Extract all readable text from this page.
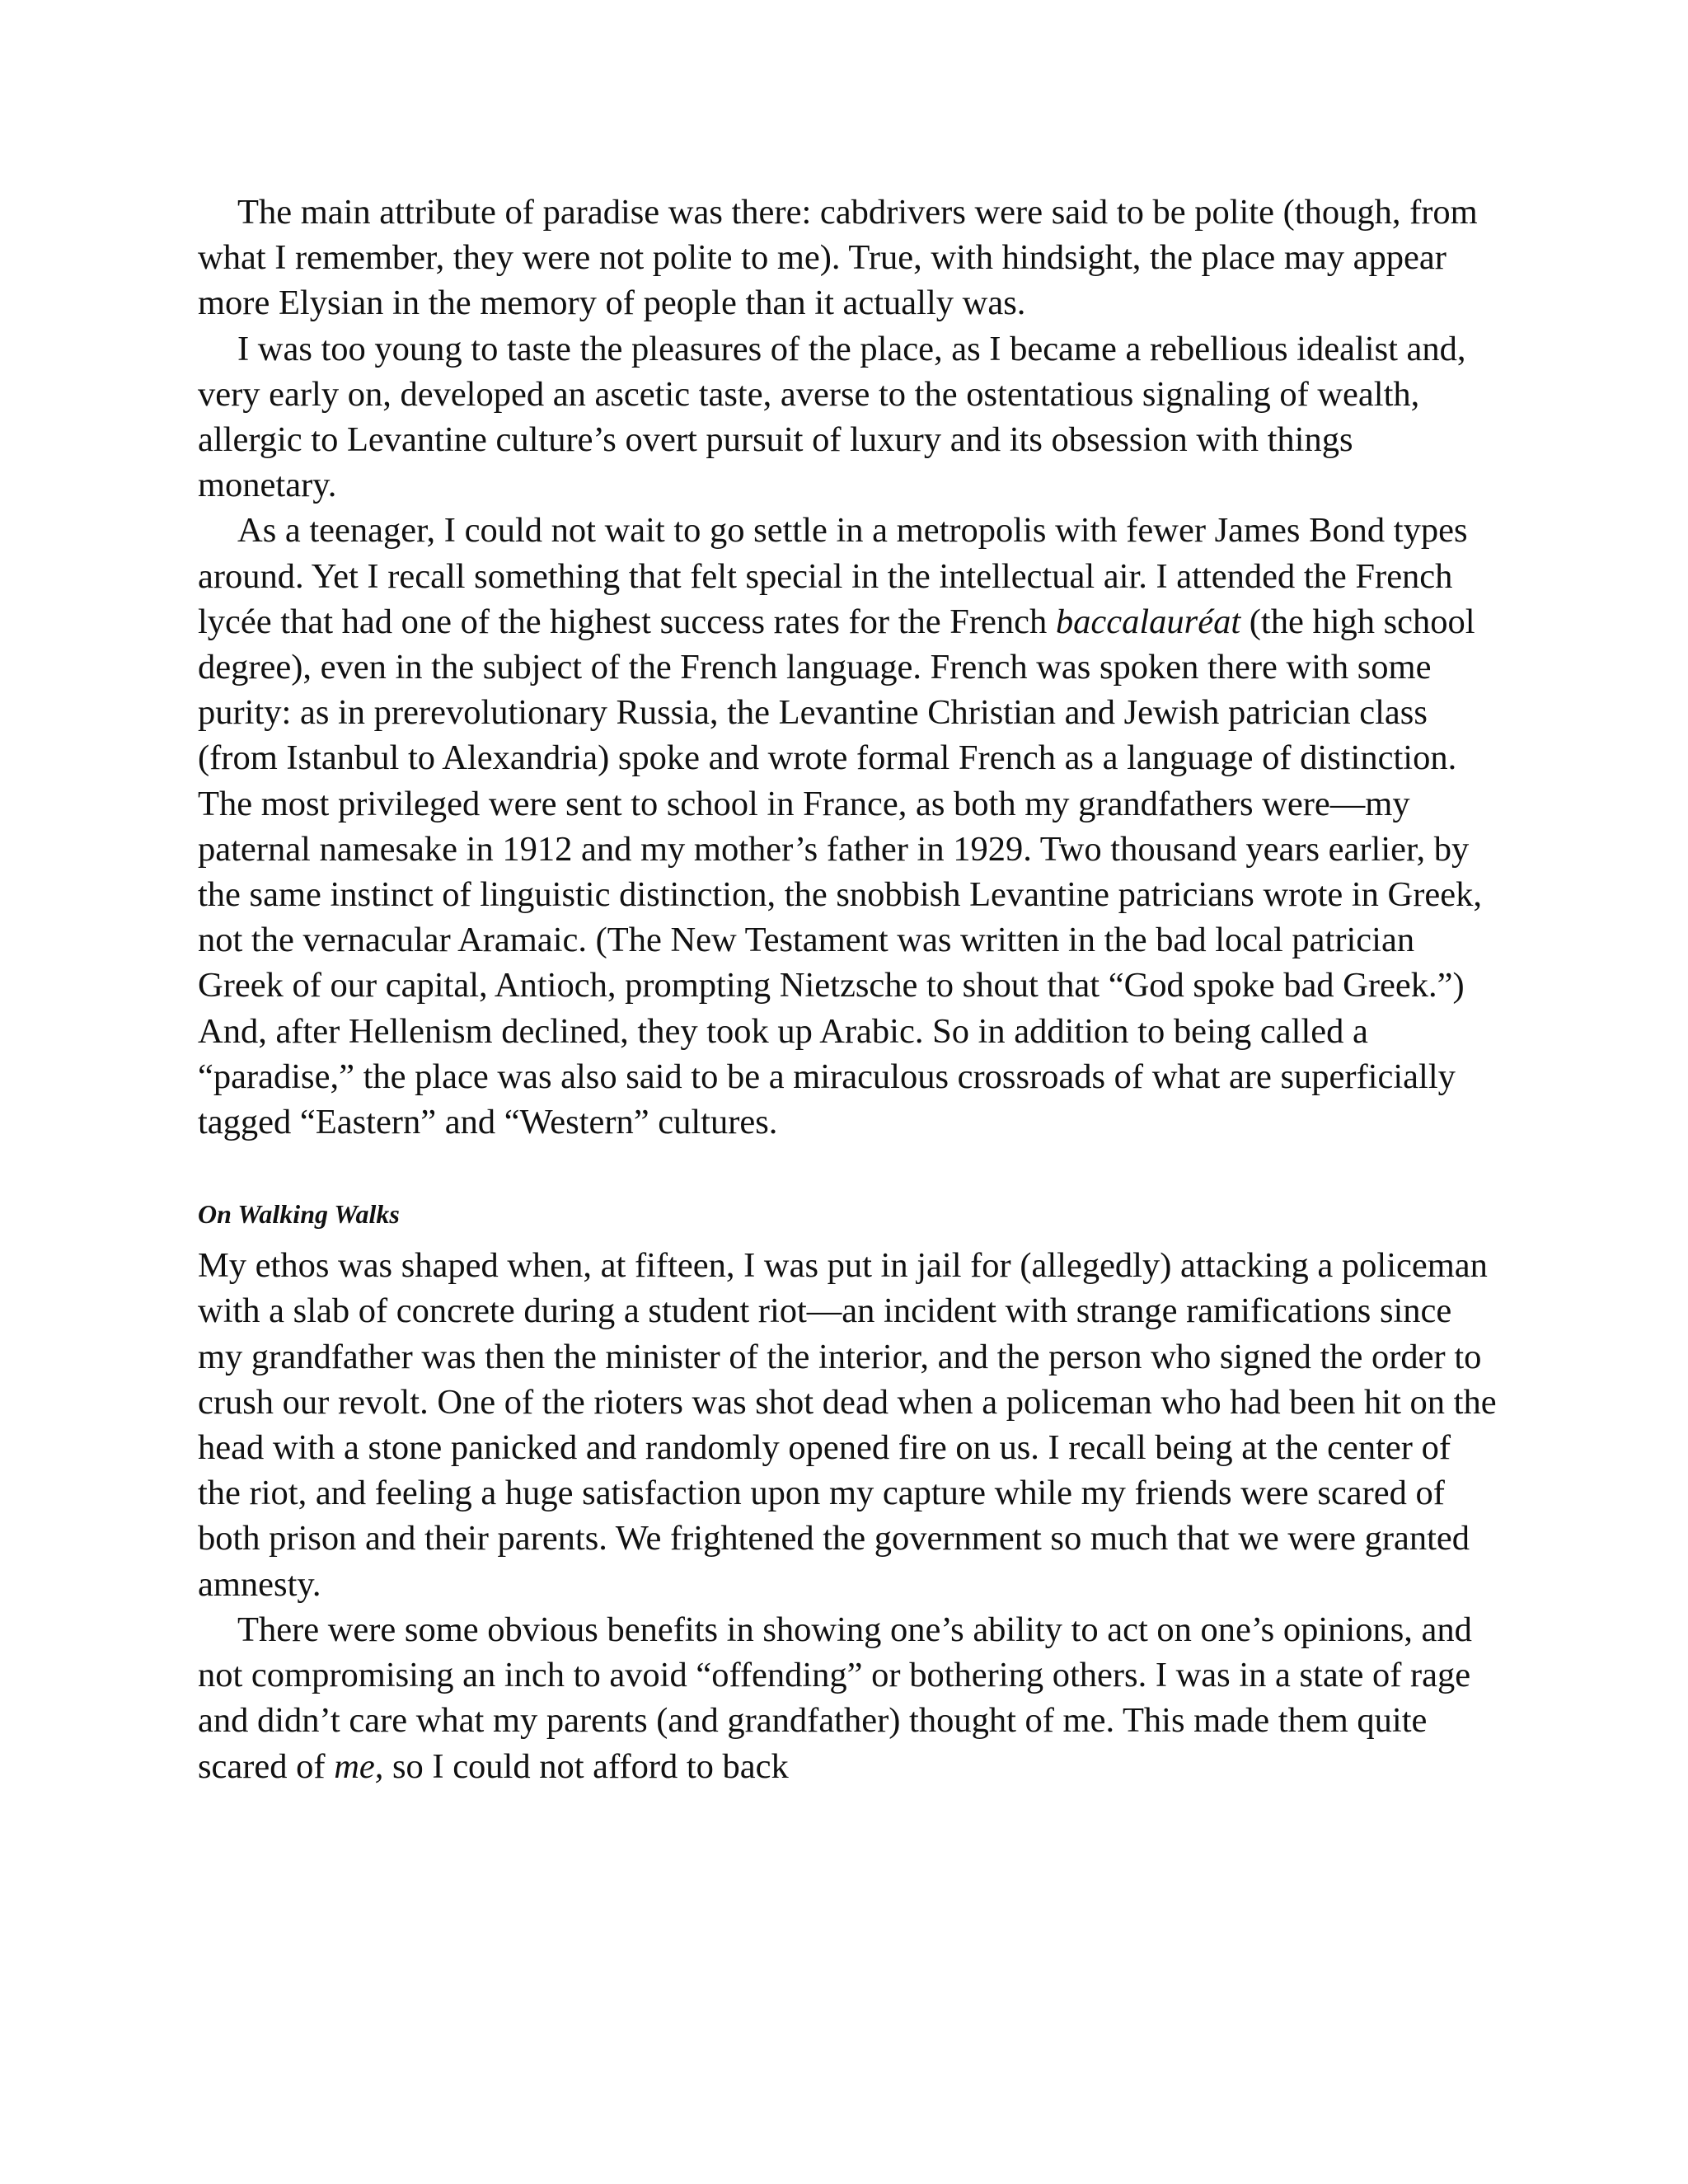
The main attribute of paradise was there: cabdrivers were said to be polite (though, from what I remember, they were not polite to me). True, with hindsight, the place may appear more Elysian in the memory of people than it actually was.

I was too young to taste the pleasures of the place, as I became a rebellious idealist and, very early on, developed an ascetic taste, averse to the ostentatious signaling of wealth, allergic to Levantine culture’s overt pursuit of luxury and its obsession with things monetary.

As a teenager, I could not wait to go settle in a metropolis with fewer James Bond types around. Yet I recall something that felt special in the intellectual air. I attended the French lycée that had one of the highest success rates for the French baccalauréat (the high school degree), even in the subject of the French language. French was spoken there with some purity: as in prerevolutionary Russia, the Levantine Christian and Jewish patrician class (from Istanbul to Alexandria) spoke and wrote formal French as a language of distinction. The most privileged were sent to school in France, as both my grandfathers were—my paternal namesake in 1912 and my mother’s father in 1929. Two thousand years earlier, by the same instinct of linguistic distinction, the snobbish Levantine patricians wrote in Greek, not the vernacular Aramaic. (The New Testament was written in the bad local patrician Greek of our capital, Antioch, prompting Nietzsche to shout that “God spoke bad Greek.”) And, after Hellenism declined, they took up Arabic. So in addition to being called a “paradise,” the place was also said to be a miraculous crossroads of what are superficially tagged “Eastern” and “Western” cultures.

On Walking Walks

My ethos was shaped when, at fifteen, I was put in jail for (allegedly) attacking a policeman with a slab of concrete during a student riot—an incident with strange ramifications since my grandfather was then the minister of the interior, and the person who signed the order to crush our revolt. One of the rioters was shot dead when a policeman who had been hit on the head with a stone panicked and randomly opened fire on us. I recall being at the center of the riot, and feeling a huge satisfaction upon my capture while my friends were scared of both prison and their parents. We frightened the government so much that we were granted amnesty.

There were some obvious benefits in showing one’s ability to act on one’s opinions, and not compromising an inch to avoid “offending” or bothering others. I was in a state of rage and didn’t care what my parents (and grandfather) thought of me. This made them quite scared of me, so I could not afford to back
